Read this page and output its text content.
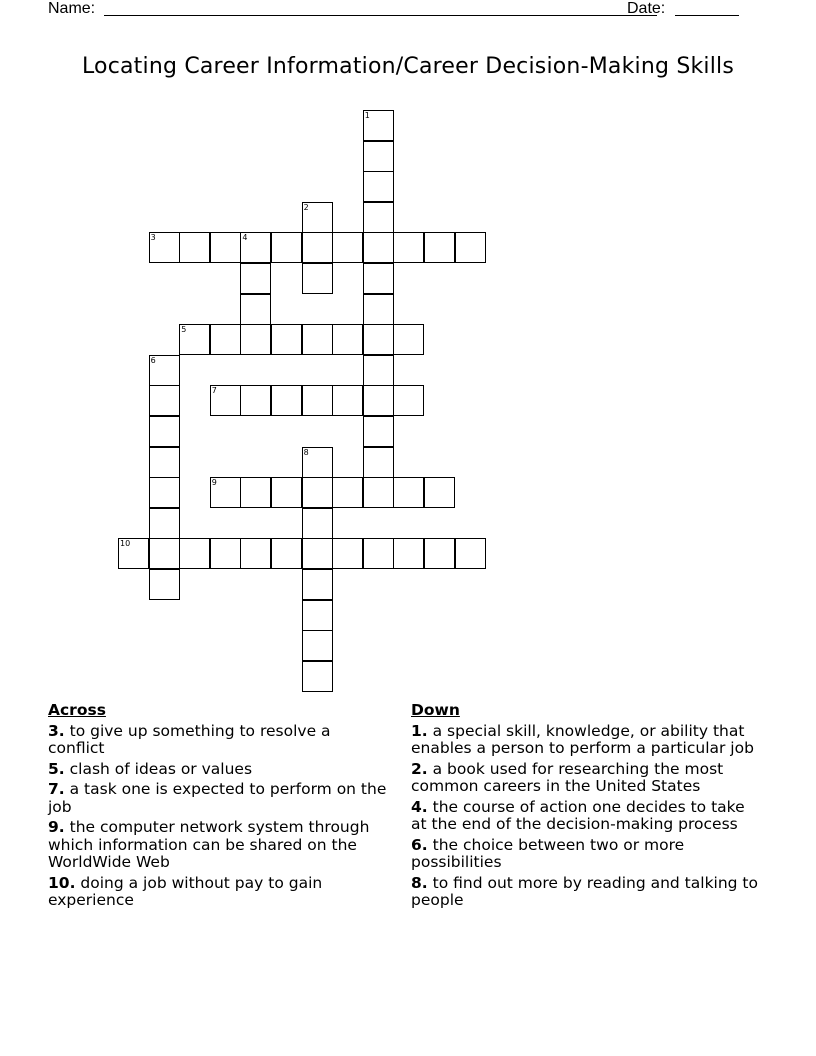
Name:	Date:
Locating Career Information/Career Decision-Making Skills
1
2
3	4
5
6
7
8
9
10
Across
3. to give up something to resolve a conflict
5. clash of ideas or values
7. a task one is expected to perform on the job
9. the computer network system through which information can be shared on the WorldWide Web
10. doing a job without pay to gain experience
Down
1. a special skill, knowledge, or ability that enables a person to perform a particular job
2. a book used for researching the most common careers in the United States
4. the course of action one decides to take at the end of the decision-making process
6. the choice between two or more possibilities
8. to find out more by reading and talking to people
